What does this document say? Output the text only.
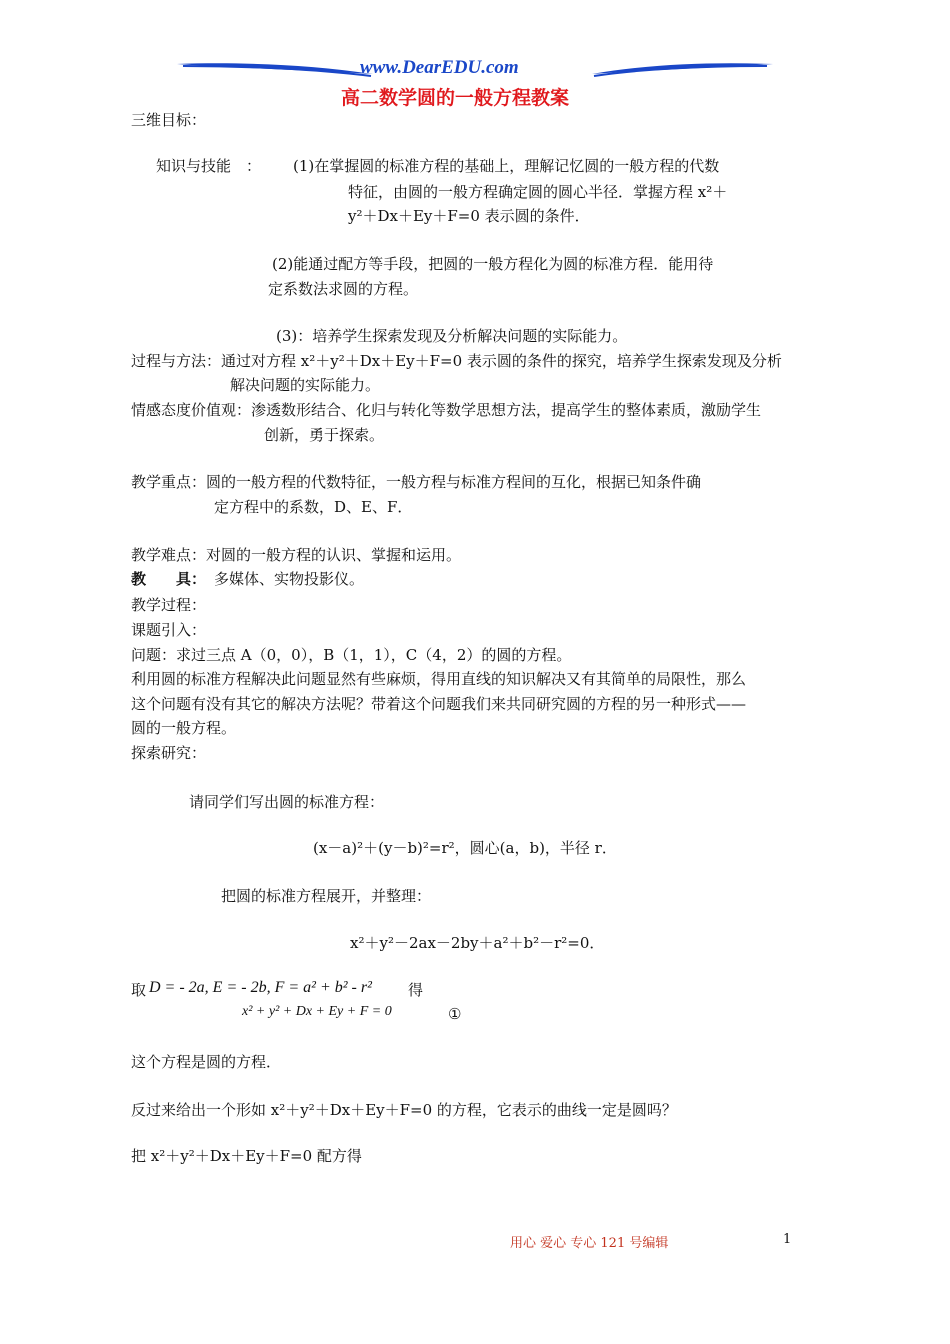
www.DearEDU.com
高二数学圆的一般方程教案
三维目标：
知识与技能　： (1)在掌握圆的标准方程的基础上，理解记忆圆的一般方程的代数
特征，由圆的一般方程确定圆的圆心半径．掌握方程 x²＋
y²＋Dx＋Ey＋F=0 表示圆的条件．
(2)能通过配方等手段，把圆的一般方程化为圆的标准方程．能用待
定系数法求圆的方程。
(3)：培养学生探索发现及分析解决问题的实际能力。
过程与方法：通过对方程 x²＋y²＋Dx＋Ey＋F=0 表示圆的条件的探究，培养学生探索发现及分析
解决问题的实际能力。
情感态度价值观：渗透数形结合、化归与转化等数学思想方法，提高学生的整体素质，激励学生
创新，勇于探索。
教学重点：圆的一般方程的代数特征，一般方程与标准方程间的互化，根据已知条件确
定方程中的系数，D、E、F．
教学难点：对圆的一般方程的认识、掌握和运用。
教　　具： 多媒体、实物投影仪。
教学过程：
课题引入：
问题：求过三点 A（0，0），B（1，1），C（4，2）的圆的方程。
利用圆的标准方程解决此问题显然有些麻烦，得用直线的知识解决又有其简单的局限性，那么
这个问题有没有其它的解决方法呢？带着这个问题我们来共同研究圆的方程的另一种形式——
圆的一般方程。
探索研究：
请同学们写出圆的标准方程：
(x－a)²＋(y－b)²=r²，圆心(a，b)，半径 r．
把圆的标准方程展开，并整理：
x²＋y²－2ax－2by＋a²＋b²－r²=0．
取 D = - 2a, E = - 2b, F = a² + b² - r² 得
x² + y² + Dx + Ey + F = 0	①
这个方程是圆的方程．
反过来给出一个形如 x²＋y²＋Dx＋Ey＋F=0 的方程，它表示的曲线一定是圆吗？
把 x²＋y²＋Dx＋Ey＋F=0 配方得
用心 爱心 专心 121 号编辑	1
